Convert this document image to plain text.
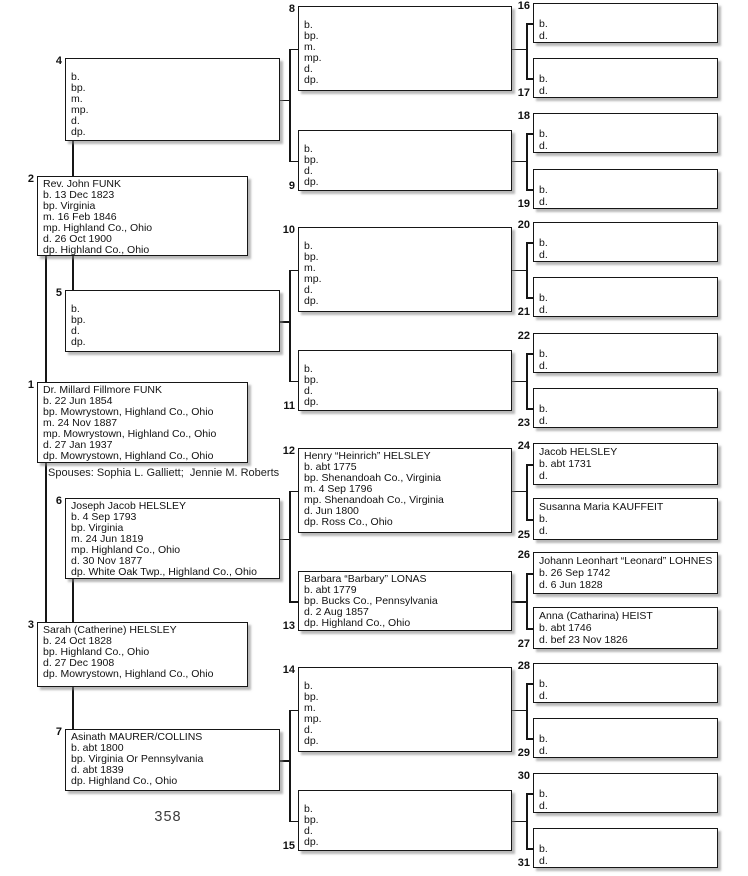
Dr. Millard Fillmore FUNK
b. 22 Jun 1854
bp. Mowrystown, Highland Co., Ohio
m. 24 Nov 1887
mp. Mowrystown, Highland Co., Ohio
d. 27 Jan 1937
dp. Mowrystown, Highland Co., Ohio
1
Rev. John FUNK
b. 13 Dec 1823
bp. Virginia
m. 16 Feb 1846
mp. Highland Co., Ohio
d. 26 Oct 1900
dp. Highland Co., Ohio
2
Sarah (Catherine) HELSLEY
b. 24 Oct 1828
bp. Highland Co., Ohio
d. 27 Dec 1908
dp. Mowrystown, Highland Co., Ohio
3
b.
bp.
m.
mp.
d.
dp.
4
b.
bp.
d.
dp.
5
Joseph Jacob HELSLEY
b. 4 Sep 1793
bp. Virginia
m. 24 Jun 1819
mp. Highland Co., Ohio
d. 30 Nov 1877
dp. White Oak Twp., Highland Co., Ohio
6
Asinath MAURER/COLLINS
b. abt 1800
bp. Virginia Or Pennsylvania
d. abt 1839
dp. Highland Co., Ohio
7
b.
bp.
m.
mp.
d.
dp.
8
b.
bp.
d.
dp.
9
b.
bp.
m.
mp.
d.
dp.
10
b.
bp.
d.
dp.
11
Henry “Heinrich” HELSLEY
b. abt 1775
bp. Shenandoah Co., Virginia
m. 4 Sep 1796
mp. Shenandoah Co., Virginia
d. Jun 1800
dp. Ross Co., Ohio
12
Barbara “Barbary” LONAS
b. abt 1779
bp. Bucks Co., Pennsylvania
d. 2 Aug 1857
dp. Highland Co., Ohio
13
b.
bp.
m.
mp.
d.
dp.
14
b.
bp.
d.
dp.
15
b.
d.
16
b.
d.
17
b.
d.
18
b.
d.
19
b.
d.
20
b.
d.
21
b.
d.
22
b.
d.
23
Jacob HELSLEY
b. abt 1731
d.
24
Susanna Maria KAUFFEIT
b.
d.
25
Johann Leonhart “Leonard” LOHNES
b. 26 Sep 1742
d. 6 Jun 1828
26
Anna (Catharina) HEIST
b. abt 1746
d. bef 23 Nov 1826
27
b.
d.
28
b.
d.
29
b.
d.
30
b.
d.
31
Spouses: Sophia L. Galliett;  Jennie M. Roberts
358
